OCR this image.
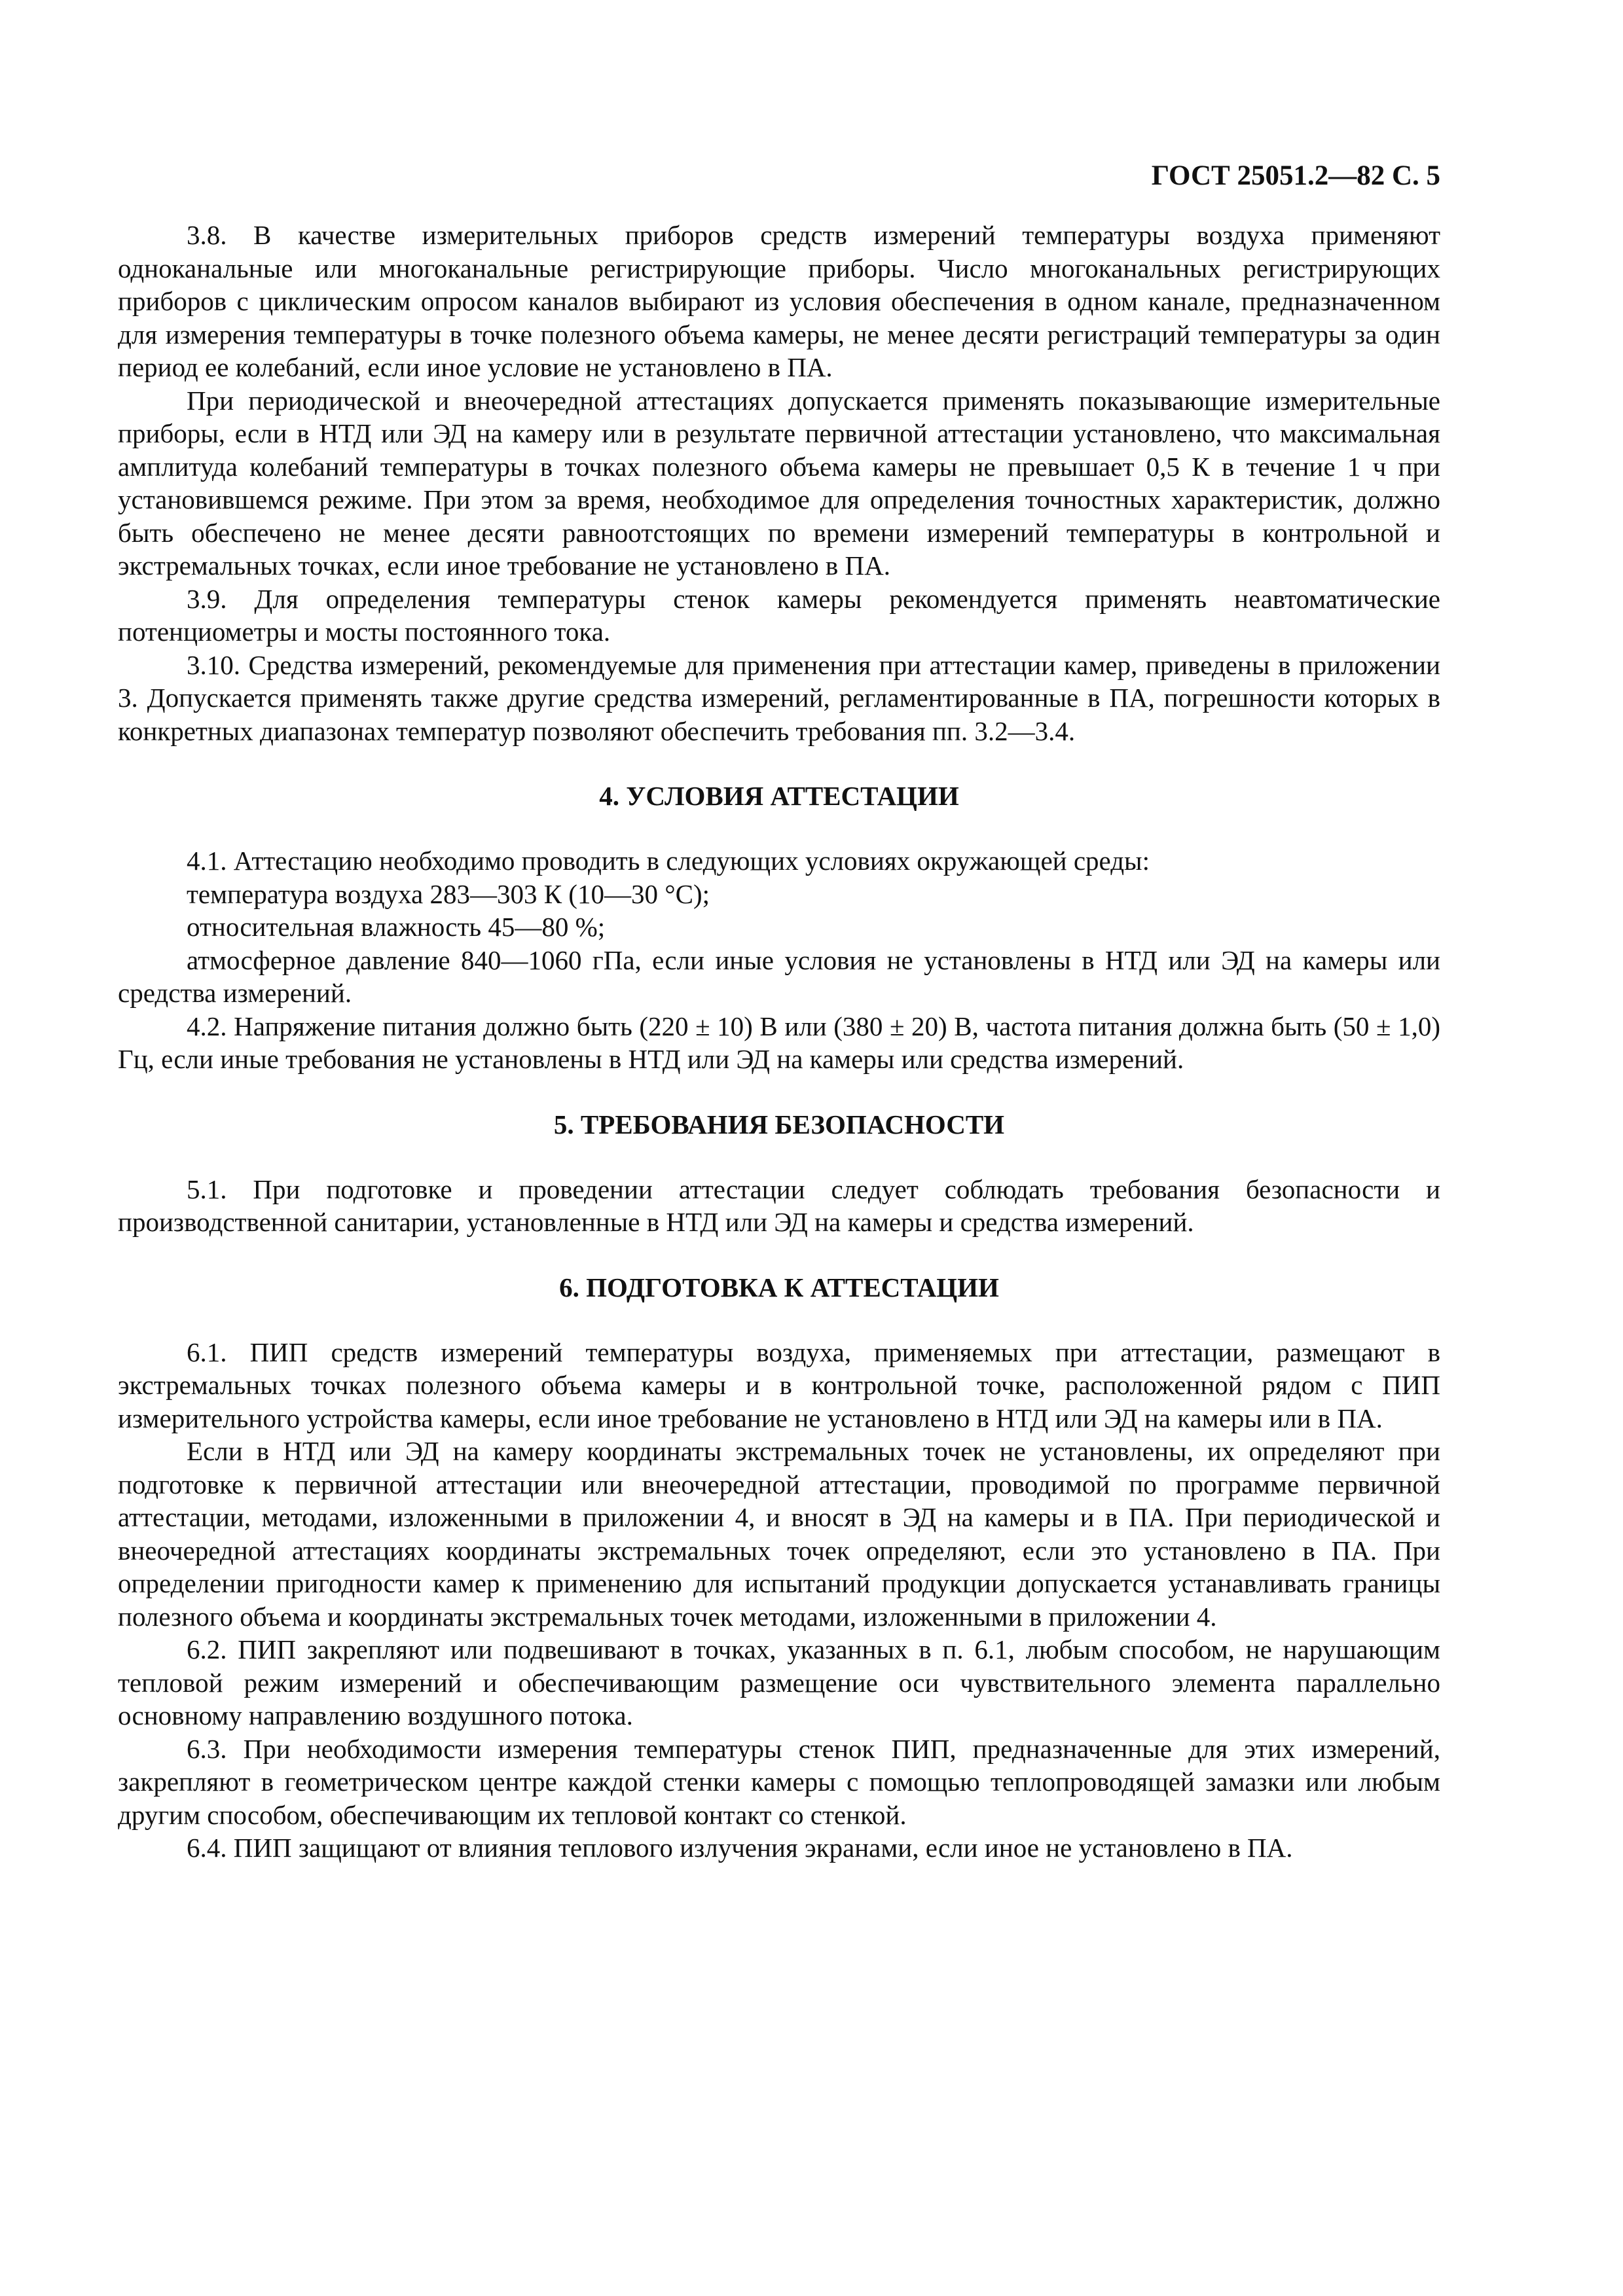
ГОСТ 25051.2—82 С. 5

3.8. В качестве измерительных приборов средств измерений температуры воздуха применяют одноканальные или многоканальные регистрирующие приборы. Число многоканальных регистрирующих приборов с циклическим опросом каналов выбирают из условия обеспечения в одном канале, предназначенном для измерения температуры в точке полезного объема камеры, не менее десяти регистраций температуры за один период ее колебаний, если иное условие не установлено в ПА.

При периодической и внеочередной аттестациях допускается применять показывающие измерительные приборы, если в НТД или ЭД на камеру или в результате первичной аттестации установлено, что максимальная амплитуда колебаний температуры в точках полезного объема камеры не превышает 0,5 К в течение 1 ч при установившемся режиме. При этом за время, необходимое для определения точностных характеристик, должно быть обеспечено не менее десяти равноотстоящих по времени измерений температуры в контрольной и экстремальных точках, если иное требование не установлено в ПА.

3.9. Для определения температуры стенок камеры рекомендуется применять неавтоматические потенциометры и мосты постоянного тока.

3.10. Средства измерений, рекомендуемые для применения при аттестации камер, приведены в приложении 3. Допускается применять также другие средства измерений, регламентированные в ПА, погрешности которых в конкретных диапазонах температур позволяют обеспечить требования пп. 3.2—3.4.

4. УСЛОВИЯ АТТЕСТАЦИИ

4.1. Аттестацию необходимо проводить в следующих условиях окружающей среды:

температура воздуха 283—303 К (10—30 °С);

относительная влажность 45—80 %;

атмосферное давление 840—1060 гПа, если иные условия не установлены в НТД или ЭД на камеры или средства измерений.

4.2. Напряжение питания должно быть (220 ± 10) В или (380 ± 20) В, частота питания должна быть (50 ± 1,0) Гц, если иные требования не установлены в НТД или ЭД на камеры или средства измерений.

5. ТРЕБОВАНИЯ БЕЗОПАСНОСТИ

5.1. При подготовке и проведении аттестации следует соблюдать требования безопасности и производственной санитарии, установленные в НТД или ЭД на камеры и средства измерений.

6. ПОДГОТОВКА К АТТЕСТАЦИИ

6.1. ПИП средств измерений температуры воздуха, применяемых при аттестации, размещают в экстремальных точках полезного объема камеры и в контрольной точке, расположенной рядом с ПИП измерительного устройства камеры, если иное требование не установлено в НТД или ЭД на камеры или в ПА.

Если в НТД или ЭД на камеру координаты экстремальных точек не установлены, их определяют при подготовке к первичной аттестации или внеочередной аттестации, проводимой по программе первичной аттестации, методами, изложенными в приложении 4, и вносят в ЭД на камеры и в ПА. При периодической и внеочередной аттестациях координаты экстремальных точек определяют, если это установлено в ПА. При определении пригодности камер к применению для испытаний продукции допускается устанавливать границы полезного объема и координаты экстремальных точек методами, изложенными в приложении 4.

6.2. ПИП закрепляют или подвешивают в точках, указанных в п. 6.1, любым способом, не нарушающим тепловой режим измерений и обеспечивающим размещение оси чувствительного элемента параллельно основному направлению воздушного потока.

6.3. При необходимости измерения температуры стенок ПИП, предназначенные для этих измерений, закрепляют в геометрическом центре каждой стенки камеры с помощью теплопроводящей замазки или любым другим способом, обеспечивающим их тепловой контакт со стенкой.

6.4. ПИП защищают от влияния теплового излучения экранами, если иное не установлено в ПА.
